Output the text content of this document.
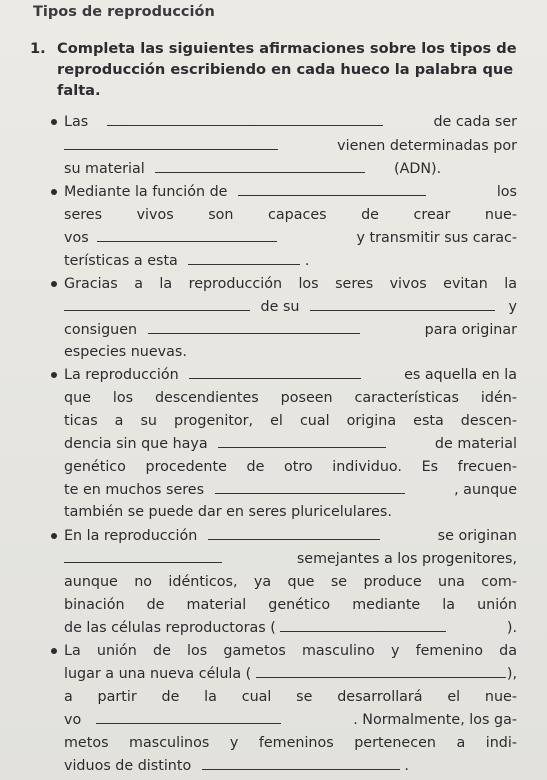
Tipos de reproducción
1. Completa las siguientes afirmaciones sobre los tipos de reproducción escribiendo en cada hueco la palabra que falta.
Las	de cada ser
vienen determinadas por
su material	(ADN).
Mediante la función de	los
seres vivos son capaces de crear nue-
vos	y transmitir sus carac-
terísticas a esta	.
Gracias a la reproducción los seres vivos evitan la
de su	y
consiguen	para originar
especies nuevas.
La reproducción	es aquella en la
que los descendientes poseen características idén-
ticas a su progenitor, el cual origina esta descen-
dencia sin que haya	de material
genético procedente de otro individuo. Es frecuen-
te en muchos seres	, aunque
también se puede dar en seres pluricelulares.
En la reproducción	se originan
semejantes a los progenitores,
aunque no idénticos, ya que se produce una com-
binación de material genético mediante la unión
de las células reproductoras (	).
La unión de los gametos masculino y femenino da
lugar a una nueva célula (	),
a partir de la cual se desarrollará el nue-
vo	. Normalmente, los ga-
metos masculinos y femeninos pertenecen a indi-
viduos de distinto	.
